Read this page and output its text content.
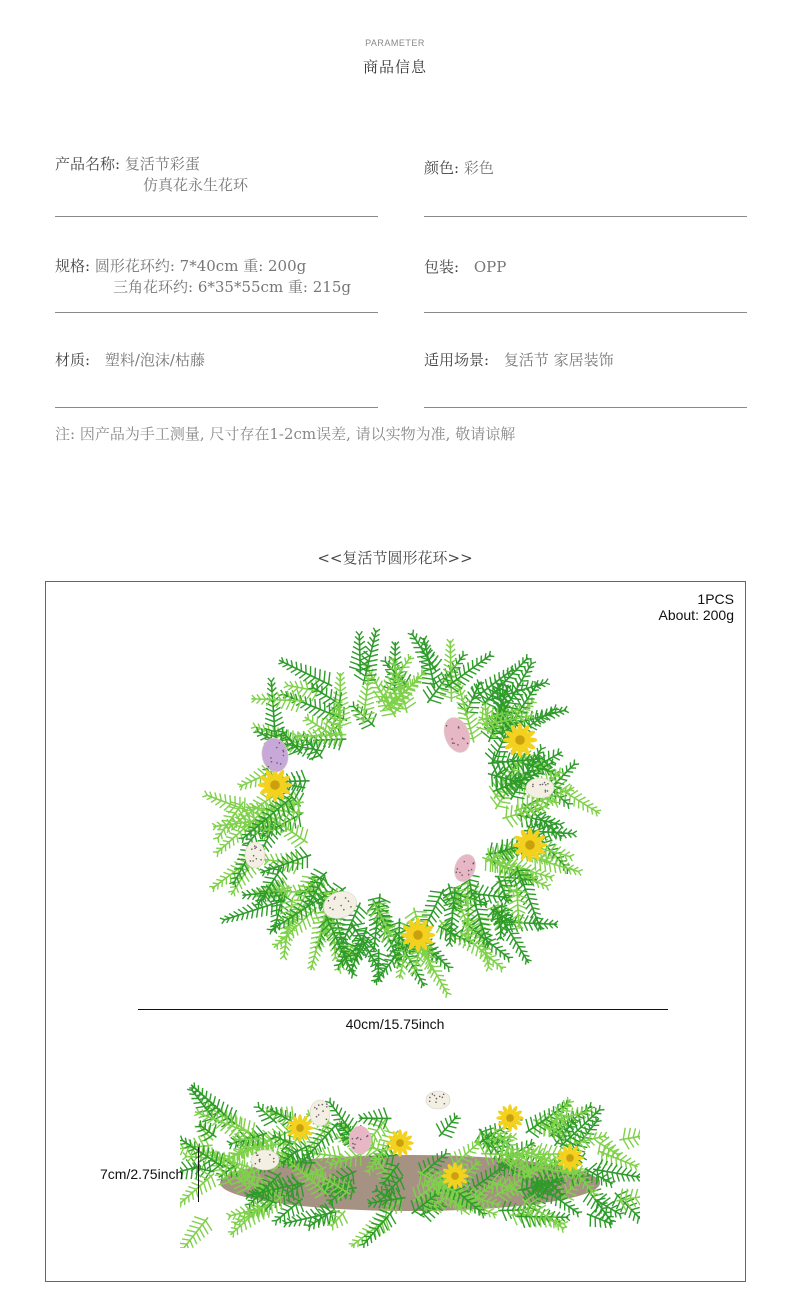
PARAMETER
商品信息
产品名称: 复活节彩蛋
仿真花永生花环
颜色: 彩色
规格: 圆形花环约: 7*40cm 重: 200g
三角花环约: 6*35*55cm 重: 215g
包装: OPP
材质: 塑料/泡沫/枯藤	适用场景: 复活节 家居装饰
注: 因产品为手工测量, 尺寸存在1-2cm误差, 请以实物为准, 敬请谅解
<<复活节圆形花环>>
1PCS
About: 200g
40cm/15.75inch
7cm/2.75inch
